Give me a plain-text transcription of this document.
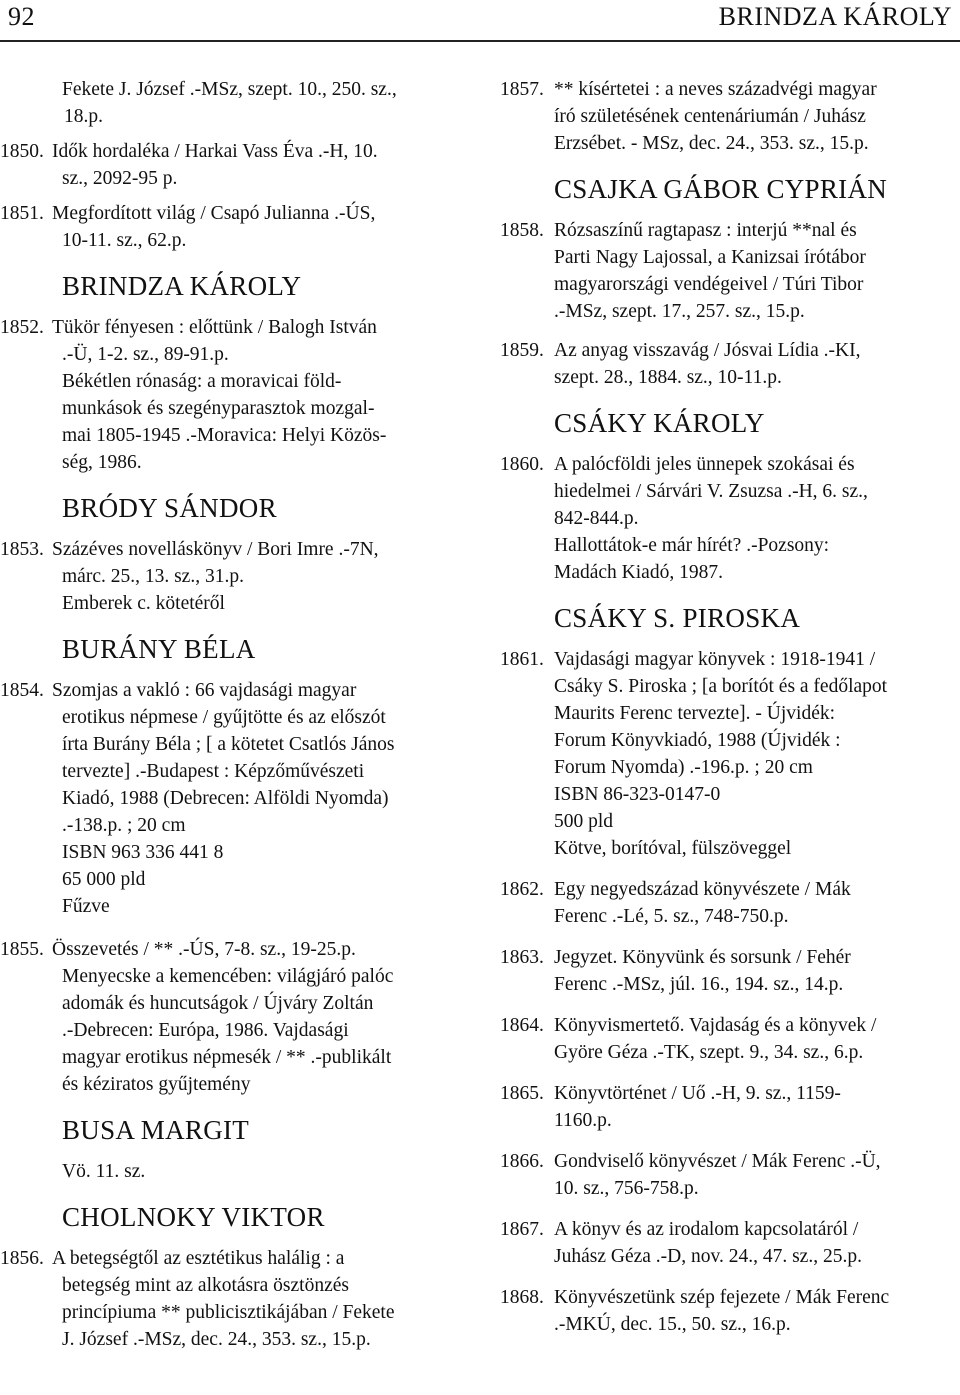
92	BRINDZA KÁROLY
Fekete J. József .-MSz, szept. 10., 250. sz.,
18.p.
1850. Idők hordaléka / Harkai Vass Éva .-H, 10.
sz., 2092-95 p.
1851. Megfordított világ / Csapó Julianna .-ÚS,
10-11. sz., 62.p.
BRINDZA KÁROLY
1852. Tükör fényesen : előttünk / Balogh István
.-Ü, 1-2. sz., 89-91.p.
Békétlen rónaság: a moravicai föld-
munkások és szegényparasztok mozgal-
mai 1805-1945 .-Moravica: Helyi Közös-
ség, 1986.
BRÓDY SÁNDOR
1853. Százéves novelláskönyv / Bori Imre .-7N,
márc. 25., 13. sz., 31.p.
Emberek c. kötetéről
BURÁNY BÉLA
1854. Szomjas a vakló : 66 vajdasági magyar
erotikus népmese / gyűjtötte és az előszót
írta Burány Béla ; [ a kötetet Csatlós János
tervezte] .-Budapest : Képzőművészeti
Kiadó, 1988 (Debrecen: Alföldi Nyomda)
.-138.p. ; 20 cm
ISBN 963 336 441 8
65 000 pld
Fűzve
1855. Összevetés / ** .-ÚS, 7-8. sz., 19-25.p.
Menyecske a kemencében: világjáró palóc
adomák és huncutságok / Újváry Zoltán
.-Debrecen: Európa, 1986. Vajdasági
magyar erotikus népmesék / ** .-publikált
és kéziratos gyűjtemény
BUSA MARGIT
Vö. 11. sz.
CHOLNOKY VIKTOR
1856. A betegségtől az esztétikus halálig : a
betegség mint az alkotásra ösztönzés
princípiuma ** publicisztikájában / Fekete
J. József .-MSz, dec. 24., 353. sz., 15.p.
1857. ** kísértetei : a neves századvégi magyar
író születésének centenáriumán / Juhász
Erzsébet. - MSz, dec. 24., 353. sz., 15.p.
CSAJKA GÁBOR CYPRIÁN
1858. Rózsaszínű ragtapasz : interjú **nal és
Parti Nagy Lajossal, a Kanizsai írótábor
magyarországi vendégeivel / Túri Tibor
.-MSz, szept. 17., 257. sz., 15.p.
1859. Az anyag visszavág / Jósvai Lídia .-KI,
szept. 28., 1884. sz., 10-11.p.
CSÁKY KÁROLY
1860. A palócföldi jeles ünnepek szokásai és
hiedelmei / Sárvári V. Zsuzsa .-H, 6. sz.,
842-844.p.
Hallottátok-e már hírét? .-Pozsony:
Madách Kiadó, 1987.
CSÁKY S. PIROSKA
1861. Vajdasági magyar könyvek : 1918-1941 /
Csáky S. Piroska ; [a borítót és a fedőlapot
Maurits Ferenc tervezte]. - Újvidék:
Forum Könyvkiadó, 1988 (Újvidék :
Forum Nyomda) .-196.p. ; 20 cm
ISBN 86-323-0147-0
500 pld
Kötve, borítóval, fülszöveggel
1862. Egy negyedszázad könyvészete / Mák
Ferenc .-Lé, 5. sz., 748-750.p.
1863. Jegyzet. Könyvünk és sorsunk / Fehér
Ferenc .-MSz, júl. 16., 194. sz., 14.p.
1864. Könyvismertető. Vajdaság és a könyvek /
Györe Géza .-TK, szept. 9., 34. sz., 6.p.
1865. Könyvtörténet / Uő .-H, 9. sz., 1159-
1160.p.
1866. Gondviselő könyvészet / Mák Ferenc .-Ü,
10. sz., 756-758.p.
1867. A könyv és az irodalom kapcsolatáról /
Juhász Géza .-D, nov. 24., 47. sz., 25.p.
1868. Könyvészetünk szép fejezete / Mák Ferenc
.-MKÚ, dec. 15., 50. sz., 16.p.
